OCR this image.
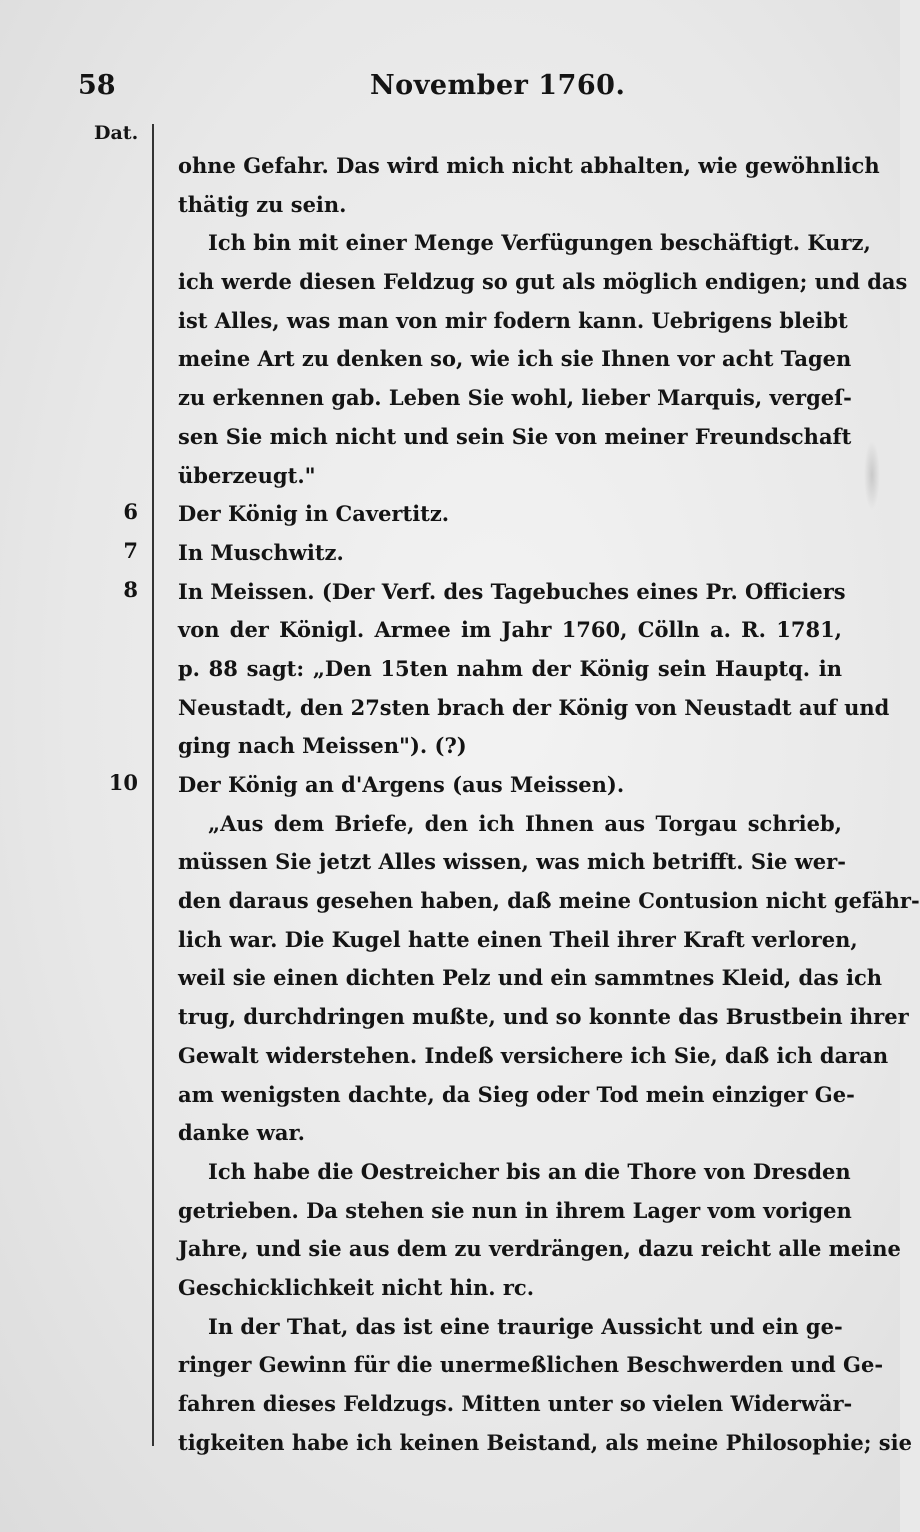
58	November 1760.
Dat.
6
7
8
10
ohne Gefahr. Das wird mich nicht abhalten, wie gewöhnlich
thätig zu sein.
Ich bin mit einer Menge Verfügungen beschäftigt. Kurz,
ich werde diesen Feldzug so gut als möglich endigen; und das
ist Alles, was man von mir fodern kann. Uebrigens bleibt
meine Art zu denken so, wie ich sie Ihnen vor acht Tagen
zu erkennen gab. Leben Sie wohl, lieber Marquis, vergeſ-
sen Sie mich nicht und sein Sie von meiner Freundschaft
überzeugt."
Der König in Cavertitz.
In Muschwitz.
In Meissen. (Der Verf. des Tagebuches eines Pr. Officiers
von der Königl. Armee im Jahr 1760, Cölln a. R. 1781,
p. 88 sagt: „Den 15ten nahm der König sein Hauptq. in
Neustadt, den 27sten brach der König von Neustadt auf und
ging nach Meissen"). (?)
Der König an d'Argens (aus Meissen).
„Aus dem Briefe, den ich Ihnen aus Torgau schrieb,
müssen Sie jetzt Alles wissen, was mich betrifft. Sie wer-
den daraus gesehen haben, daß meine Contusion nicht gefähr-
lich war. Die Kugel hatte einen Theil ihrer Kraft verloren,
weil sie einen dichten Pelz und ein sammtnes Kleid, das ich
trug, durchdringen mußte, und so konnte das Brustbein ihrer
Gewalt widerstehen. Indeß versichere ich Sie, daß ich daran
am wenigsten dachte, da Sieg oder Tod mein einziger Ge-
danke war.
Ich habe die Oestreicher bis an die Thore von Dresden
getrieben. Da stehen sie nun in ihrem Lager vom vorigen
Jahre, und sie aus dem zu verdrängen, dazu reicht alle meine
Geschicklichkeit nicht hin. rc.
In der That, das ist eine traurige Aussicht und ein ge-
ringer Gewinn für die unermeßlichen Beschwerden und Ge-
fahren dieses Feldzugs. Mitten unter so vielen Widerwär-
tigkeiten habe ich keinen Beistand, als meine Philosophie; sie
